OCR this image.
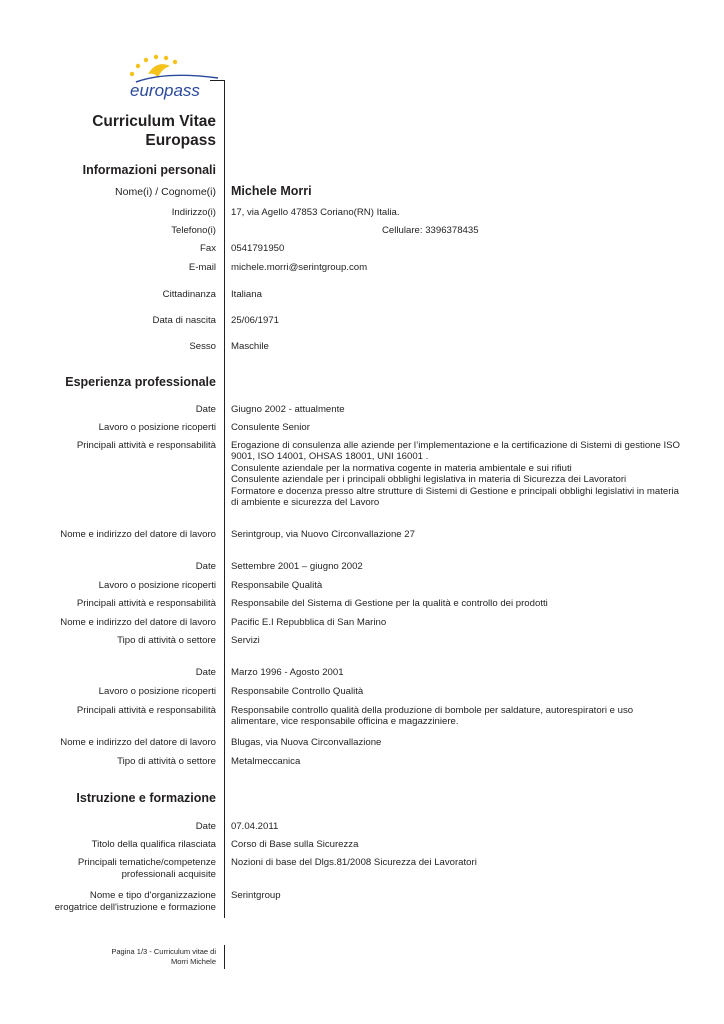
europass
Curriculum Vitae
Europass
Informazioni personali
Nome(i) / Cognome(i) Michele Morri
Indirizzo(i) 17, via Agello 47853 Coriano(RN) Italia.
Telefono(i)	Cellulare: 3396378435
Fax 0541791950
E-mail michele.morri@serintgroup.com
Cittadinanza Italiana
Data di nascita 25/06/1971
Sesso Maschile
Esperienza professionale
Date Giugno 2002 - attualmente
Lavoro o posizione ricoperti Consulente Senior
Principali attività e responsabilità Erogazione di consulenza alle aziende per l’implementazione e la certificazione di Sistemi di gestione ISO 9001, ISO 14001, OHSAS 18001, UNI 16001 .

Consulente aziendale per la normativa cogente in materia ambientale e sui rifiuti

Consulente aziendale per i principali obblighi legislativa in materia di Sicurezza dei Lavoratori

Formatore e docenza presso altre strutture di Sistemi di Gestione e principali obblighi legislativi in materia di ambiente e sicurezza del Lavoro

Nome e indirizzo del datore di lavoro Serintgroup, via Nuovo Circonvallazione 27
Date Settembre 2001 – giugno 2002
Lavoro o posizione ricoperti Responsabile Qualità
Principali attività e responsabilità Responsabile del Sistema di Gestione per la qualità e controllo dei prodotti
Nome e indirizzo del datore di lavoro Pacific E.I Repubblica di San Marino
Tipo di attività o settore Servizi
Date Marzo 1996 - Agosto 2001
Lavoro o posizione ricoperti Responsabile Controllo Qualità
Principali attività e responsabilità Responsabile controllo qualità della produzione di bombole per saldature, autorespiratori e uso alimentare, vice responsabile officina e magazziniere.
Nome e indirizzo del datore di lavoro Blugas, via Nuova Circonvallazione
Tipo di attività o settore Metalmeccanica
Istruzione e formazione
Date 07.04.2011
Titolo della qualifica rilasciata Corso di Base sulla Sicurezza
Principali tematiche/competenze
professionali acquisite
Nozioni di base del Dlgs.81/2008 Sicurezza dei Lavoratori
Nome e tipo d'organizzazione
erogatrice dell'istruzione e formazione
Serintgroup
Pagina 1/3 - Curriculum vitae di
Morri Michele
